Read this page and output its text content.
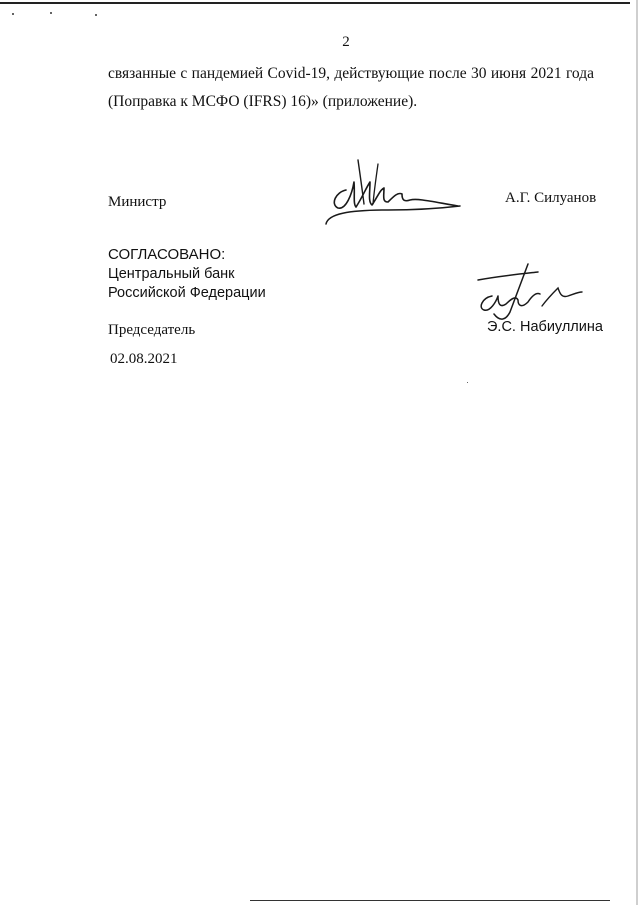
2
связанные с пандемией Covid-19, действующие после 30 июня 2021 года
(Поправка к МСФО (IFRS) 16)» (приложение).
Министр	А.Г. Силуанов
СОГЛАСОВАНО:
Центральный банк
Российской Федерации
Председатель	Э.С. Набиуллина
02.08.2021
